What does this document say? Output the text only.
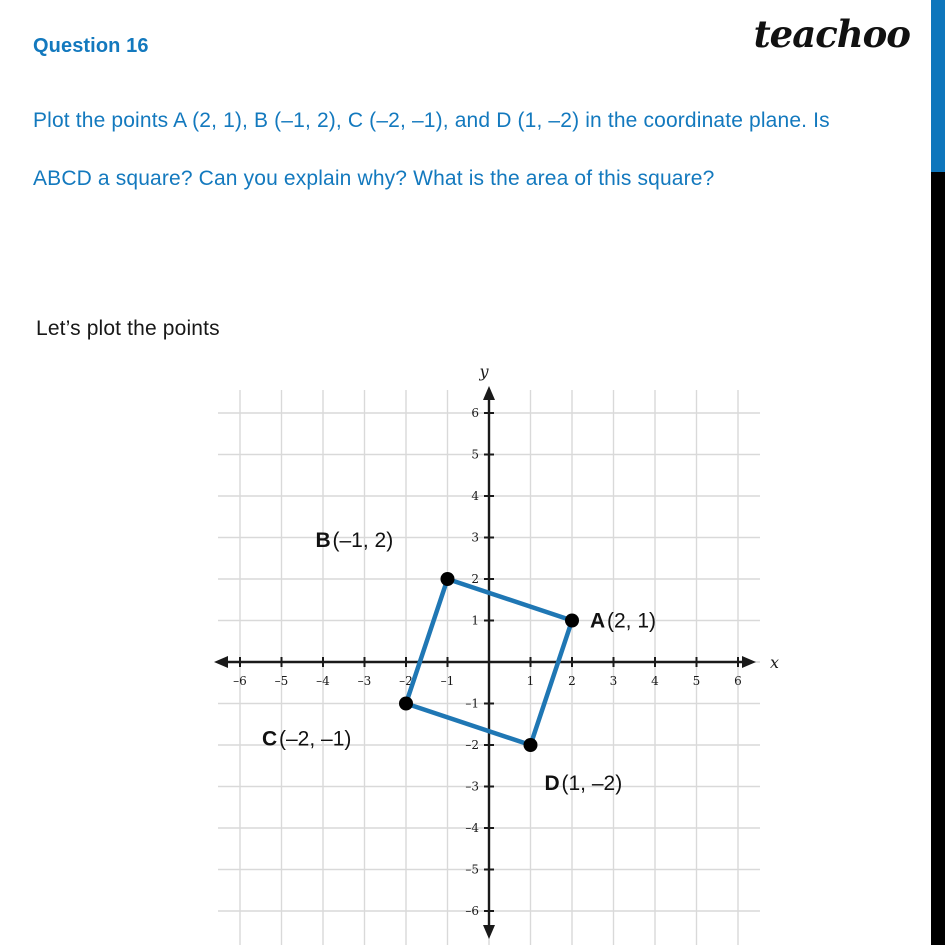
teachoo
Question 16
Plot the points A (2, 1), B (–1, 2), C (–2, –1), and D (1, –2) in the coordinate plane. Is ABCD a square? Can you explain why? What is the area of this square?
Let’s plot the points
–6 –5 –4 –3 –2 –1	1	2	3	4	5	6
6
5
4
3
2
1
–1
–2
–3
–4
–5
–6
x
y
A (2, 1)
B (–1, 2)
C (–2, –1)
D (1, –2)
